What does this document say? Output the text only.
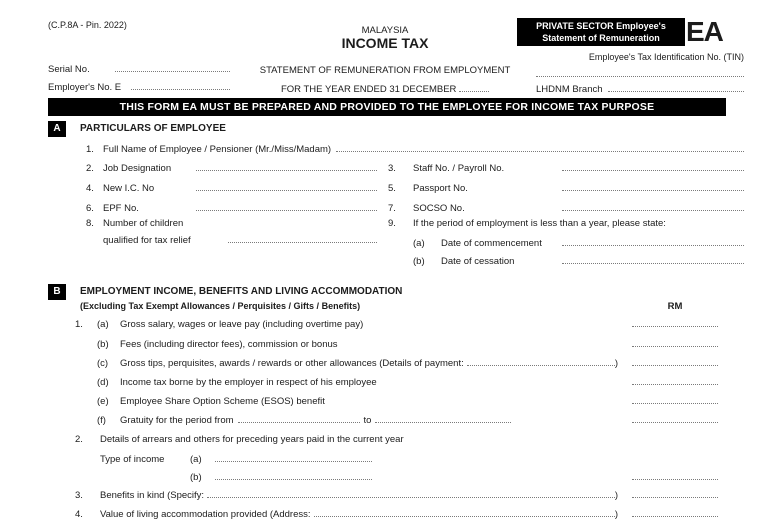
(C.P.8A - Pin. 2022)	MALAYSIA
INCOME TAX
PRIVATE SECTOR Employee's
Statement of Remuneration EA
Employee's Tax Identification No. (TIN)
Serial No.	STATEMENT OF REMUNERATION FROM EMPLOYMENT
Employer's No. E	FOR THE YEAR ENDED 31 DECEMBER	LHDNM Branch
THIS FORM EA MUST BE PREPARED AND PROVIDED TO THE EMPLOYEE FOR INCOME TAX PURPOSE
A	PARTICULARS OF EMPLOYEE
1. Full Name of Employee / Pensioner (Mr./Miss/Madam)
2. Job Designation	3.	Staff No. / Payroll No.
4. New I.C. No	5.	Passport No.
6. EPF No.	7.	SOCSO No.
8. Number of children
qualified for tax relief
9.	If the period of employment is less than a year, please state:
(a)	Date of commencement
(b)	Date of cessation
B	EMPLOYMENT INCOME, BENEFITS AND LIVING ACCOMMODATION
(Excluding Tax Exempt Allowances / Perquisites / Gifts / Benefits)	RM
1.	(a)	Gross salary, wages or leave pay (including overtime pay)
(b)	Fees (including director fees), commission or bonus
(c)	Gross tips, perquisites, awards / rewards or other allowances (Details of payment:	)
(d)	Income tax borne by the employer in respect of his employee
(e)	Employee Share Option Scheme (ESOS) benefit
(f)	Gratuity for the period from	to
2.	Details of arrears and others for preceding years paid in the current year
Type of income	(a)
(b)
3.	Benefits in kind (Specify:	)
4.	Value of living accommodation provided (Address:	)
